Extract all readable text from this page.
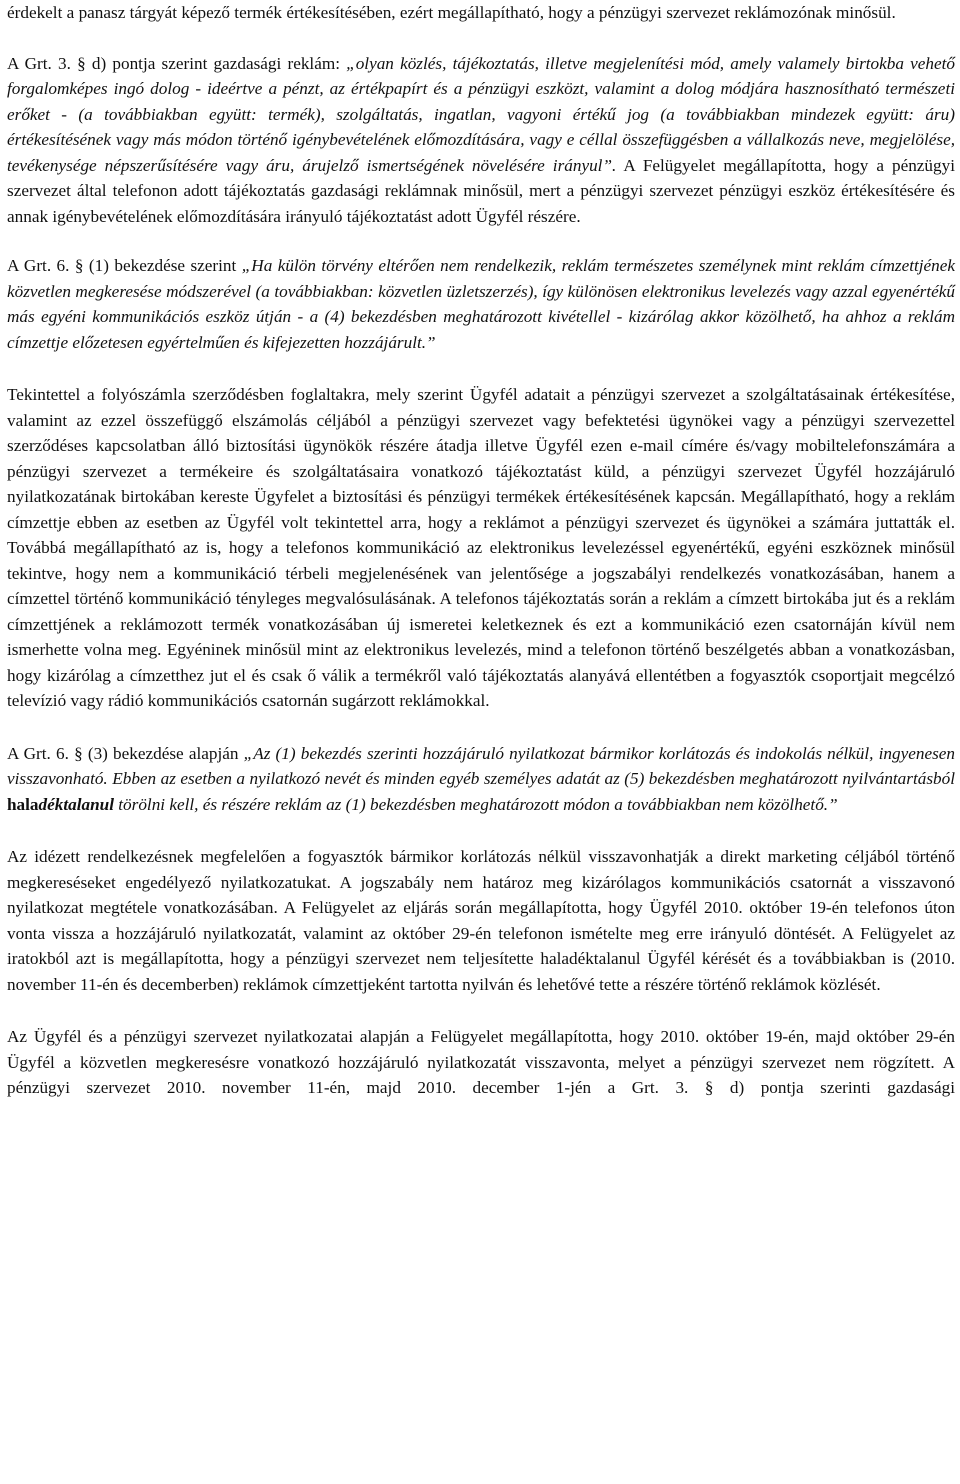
érdekelt a panasz tárgyát képező termék értékesítésében, ezért megállapítható, hogy a pénzügyi szervezet reklámozónak minősül.

A Grt. 3. § d) pontja szerint gazdasági reklám: „olyan közlés, tájékoztatás, illetve megjelenítési mód, amely valamely birtokba vehető forgalomképes ingó dolog - ideértve a pénzt, az értékpapírt és a pénzügyi eszközt, valamint a dolog módjára hasznosítható természeti erőket - (a továbbiakban együtt: termék), szolgáltatás, ingatlan, vagyoni értékű jog (a továbbiakban mindezek együtt: áru) értékesítésének vagy más módon történő igénybevételének előmozdítására, vagy e céllal összefüggésben a vállalkozás neve, megjelölése, tevékenysége népszerűsítésére vagy áru, árujelző ismertségének növelésére irányul”. A Felügyelet megállapította, hogy a pénzügyi szervezet által telefonon adott tájékoztatás gazdasági reklámnak minősül, mert a pénzügyi szervezet pénzügyi eszköz értékesítésére és annak igénybevételének előmozdítására irányuló tájékoztatást adott Ügyfél részére.

A Grt. 6. § (1) bekezdése szerint „Ha külön törvény eltérően nem rendelkezik, reklám természetes személynek mint reklám címzettjének közvetlen megkeresése módszerével (a továbbiakban: közvetlen üzletszerzés), így különösen elektronikus levelezés vagy azzal egyenértékű más egyéni kommunikációs eszköz útján - a (4) bekezdésben meghatározott kivétellel - kizárólag akkor közölhető, ha ahhoz a reklám címzettje előzetesen egyértelműen és kifejezetten hozzájárult.”

Tekintettel a folyószámla szerződésben foglaltakra, mely szerint Ügyfél adatait a pénzügyi szervezet a szolgáltatásainak értékesítése, valamint az ezzel összefüggő elszámolás céljából a pénzügyi szervezet vagy befektetési ügynökei vagy a pénzügyi szervezettel szerződéses kapcsolatban álló biztosítási ügynökök részére átadja illetve Ügyfél ezen e-mail címére és/vagy mobiltelefonszámára a pénzügyi szervezet a termékeire és szolgáltatásaira vonatkozó tájékoztatást küld, a pénzügyi szervezet Ügyfél hozzájáruló nyilatkozatának birtokában kereste Ügyfelet a biztosítási és pénzügyi termékek értékesítésének kapcsán. Megállapítható, hogy a reklám címzettje ebben az esetben az Ügyfél volt tekintettel arra, hogy a reklámot a pénzügyi szervezet és ügynökei a számára juttatták el. Továbbá megállapítható az is, hogy a telefonos kommunikáció az elektronikus levelezéssel egyenértékű, egyéni eszköznek minősül tekintve, hogy nem a kommunikáció térbeli megjelenésének van jelentősége a jogszabályi rendelkezés vonatkozásában, hanem a címzettel történő kommunikáció tényleges megvalósulásának. A telefonos tájékoztatás során a reklám a címzett birtokába jut és a reklám címzettjének a reklámozott termék vonatkozásában új ismeretei keletkeznek és ezt a kommunikáció ezen csatornáján kívül nem ismerhette volna meg. Egyéninek minősül mint az elektronikus levelezés, mind a telefonon történő beszélgetés abban a vonatkozásban, hogy kizárólag a címzetthez jut el és csak ő válik a termékről való tájékoztatás alanyává ellentétben a fogyasztók csoportjait megcélzó televízió vagy rádió kommunikációs csatornán sugárzott reklámokkal.

A Grt. 6. § (3) bekezdése alapján „Az (1) bekezdés szerinti hozzájáruló nyilatkozat bármikor korlátozás és indokolás nélkül, ingyenesen visszavonható. Ebben az esetben a nyilatkozó nevét és minden egyéb személyes adatát az (5) bekezdésben meghatározott nyilvántartásból haladéktalanul törölni kell, és részére reklám az (1) bekezdésben meghatározott módon a továbbiakban nem közölhető.”

Az idézett rendelkezésnek megfelelően a fogyasztók bármikor korlátozás nélkül visszavonhatják a direkt marketing céljából történő megkereséseket engedélyező nyilatkozatukat. A jogszabály nem határoz meg kizárólagos kommunikációs csatornát a visszavonó nyilatkozat megtétele vonatkozásában. A Felügyelet az eljárás során megállapította, hogy Ügyfél 2010. október 19-én telefonos úton vonta vissza a hozzájáruló nyilatkozatát, valamint az október 29-én telefonon ismételte meg erre irányuló döntését. A Felügyelet az iratokból azt is megállapította, hogy a pénzügyi szervezet nem teljesítette haladéktalanul Ügyfél kérését és a továbbiakban is (2010. november 11-én és decemberben) reklámok címzettjeként tartotta nyilván és lehetővé tette a részére történő reklámok közlését.

Az Ügyfél és a pénzügyi szervezet nyilatkozatai alapján a Felügyelet megállapította, hogy 2010. október 19-én, majd október 29-én Ügyfél a közvetlen megkeresésre vonatkozó hozzájáruló nyilatkozatát visszavonta, melyet a pénzügyi szervezet nem rögzített. A pénzügyi szervezet 2010. november 11-én, majd 2010. december 1-jén a Grt. 3. § d) pontja szerinti gazdasági
